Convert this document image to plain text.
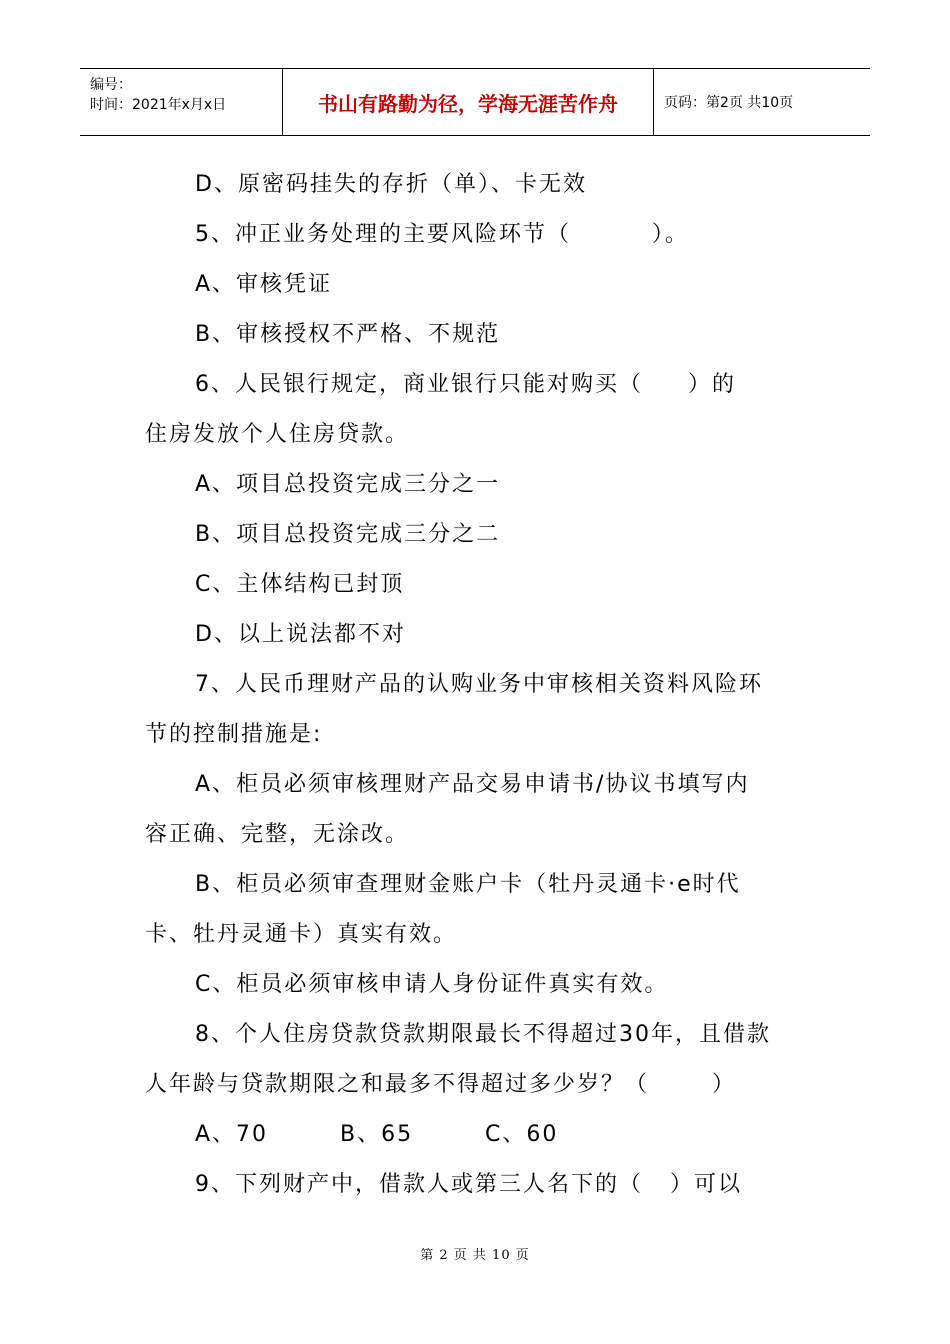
编号：
时间：2021年x月x日	书山有路勤为径，学海无涯苦作舟	页码：第2页 共10页
D、原密码挂失的存折（单）、卡无效
5、冲正业务处理的主要风险环节（         ）。
A、审核凭证
B、审核授权不严格、不规范
6、人民银行规定，商业银行只能对购买（     ）的
住房发放个人住房贷款。
A、项目总投资完成三分之一
B、项目总投资完成三分之二
C、主体结构已封顶
D、以上说法都不对
7、人民币理财产品的认购业务中审核相关资料风险环
节的控制措施是:
A、柜员必须审核理财产品交易申请书/协议书填写内
容正确、完整，无涂改。
B、柜员必须审查理财金账户卡（牡丹灵通卡·e时代
卡、牡丹灵通卡）真实有效。
C、柜员必须审核申请人身份证件真实有效。
8、个人住房贷款贷款期限最长不得超过30年，且借款
人年龄与贷款期限之和最多不得超过多少岁？（       ）
A、70        B、65        C、60
9、下列财产中，借款人或第三人名下的（   ）可以
第 2 页 共 10 页
